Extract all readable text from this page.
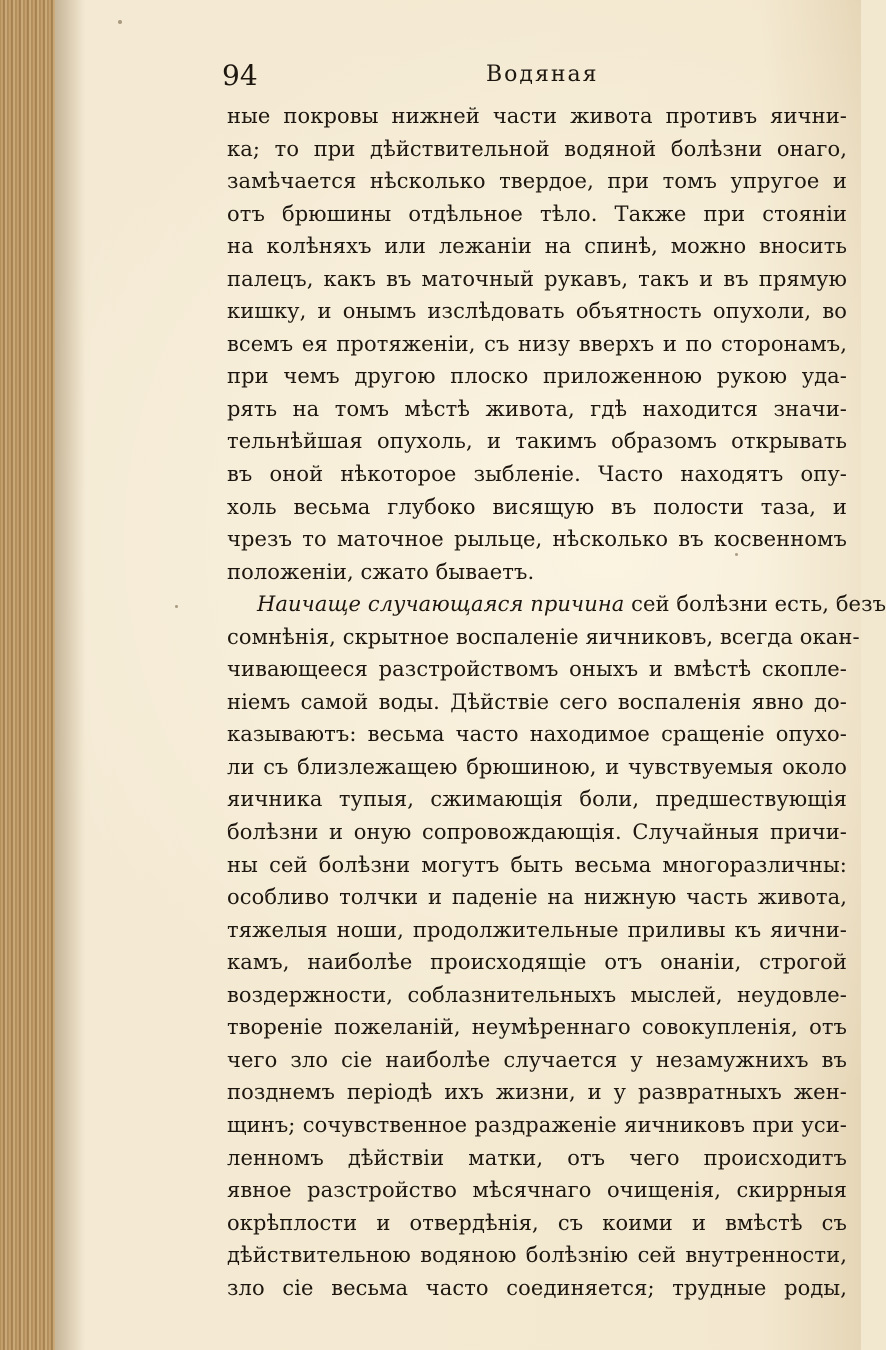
94	Водяная
ные покровы нижней части живота противъ яични-
ка; то при дѣйствительной водяной болѣзни онаго,
замѣчается нѣсколько твердое, при томъ упругое и
отъ брюшины отдѣльное тѣло. Также при стояніи
на колѣняхъ или лежаніи на спинѣ, можно вносить
палецъ, какъ въ маточный рукавъ, такъ и въ прямую
кишку, и онымъ изслѣдовать объятность опухоли, во
всемъ ея протяженіи, съ низу вверхъ и по сторонамъ,
при чемъ другою плоско приложенною рукою уда-
рять на томъ мѣстѣ живота, гдѣ находится значи-
тельнѣйшая опухоль, и такимъ образомъ открывать
въ оной нѣкоторое зыбленіе. Часто находятъ опу-
холь весьма глубоко висящую въ полости таза, и
чрезъ то маточное рыльце, нѣсколько въ косвенномъ
положеніи, сжато бываетъ.
Наичаще случающаяся причина сей болѣзни есть, безъ
сомнѣнія, скрытное воспаленіе яичниковъ, всегда окан-
чивающееся разстройствомъ оныхъ и вмѣстѣ скопле-
ніемъ самой воды. Дѣйствіе сего воспаленія явно до-
казываютъ: весьма часто находимое сращеніе опухо-
ли съ близлежащею брюшиною, и чувствуемыя около
яичника тупыя, сжимающія боли, предшествующія
болѣзни и оную сопровождающія. Случайныя причи-
ны сей болѣзни могутъ быть весьма многоразличны:
особливо толчки и паденіе на нижную часть живота,
тяжелыя ноши, продолжительные приливы къ яични-
камъ, наиболѣе происходящіе отъ онаніи, строгой
воздержности, соблазнительныхъ мыслей, неудовле-
твореніе пожеланій, неумѣреннаго совокупленія, отъ
чего зло сіе наиболѣе случается у незамужнихъ въ
позднемъ періодѣ ихъ жизни, и у развратныхъ жен-
щинъ; сочувственное раздраженіе яичниковъ при уси-
ленномъ дѣйствіи матки, отъ чего происходитъ
явное разстройство мѣсячнаго очищенія, скиррныя
окрѣплости и отвердѣнія, съ коими и вмѣстѣ съ
дѣйствительною водяною болѣзнію сей внутренности,
зло сіе весьма часто соединяется; трудные роды,
